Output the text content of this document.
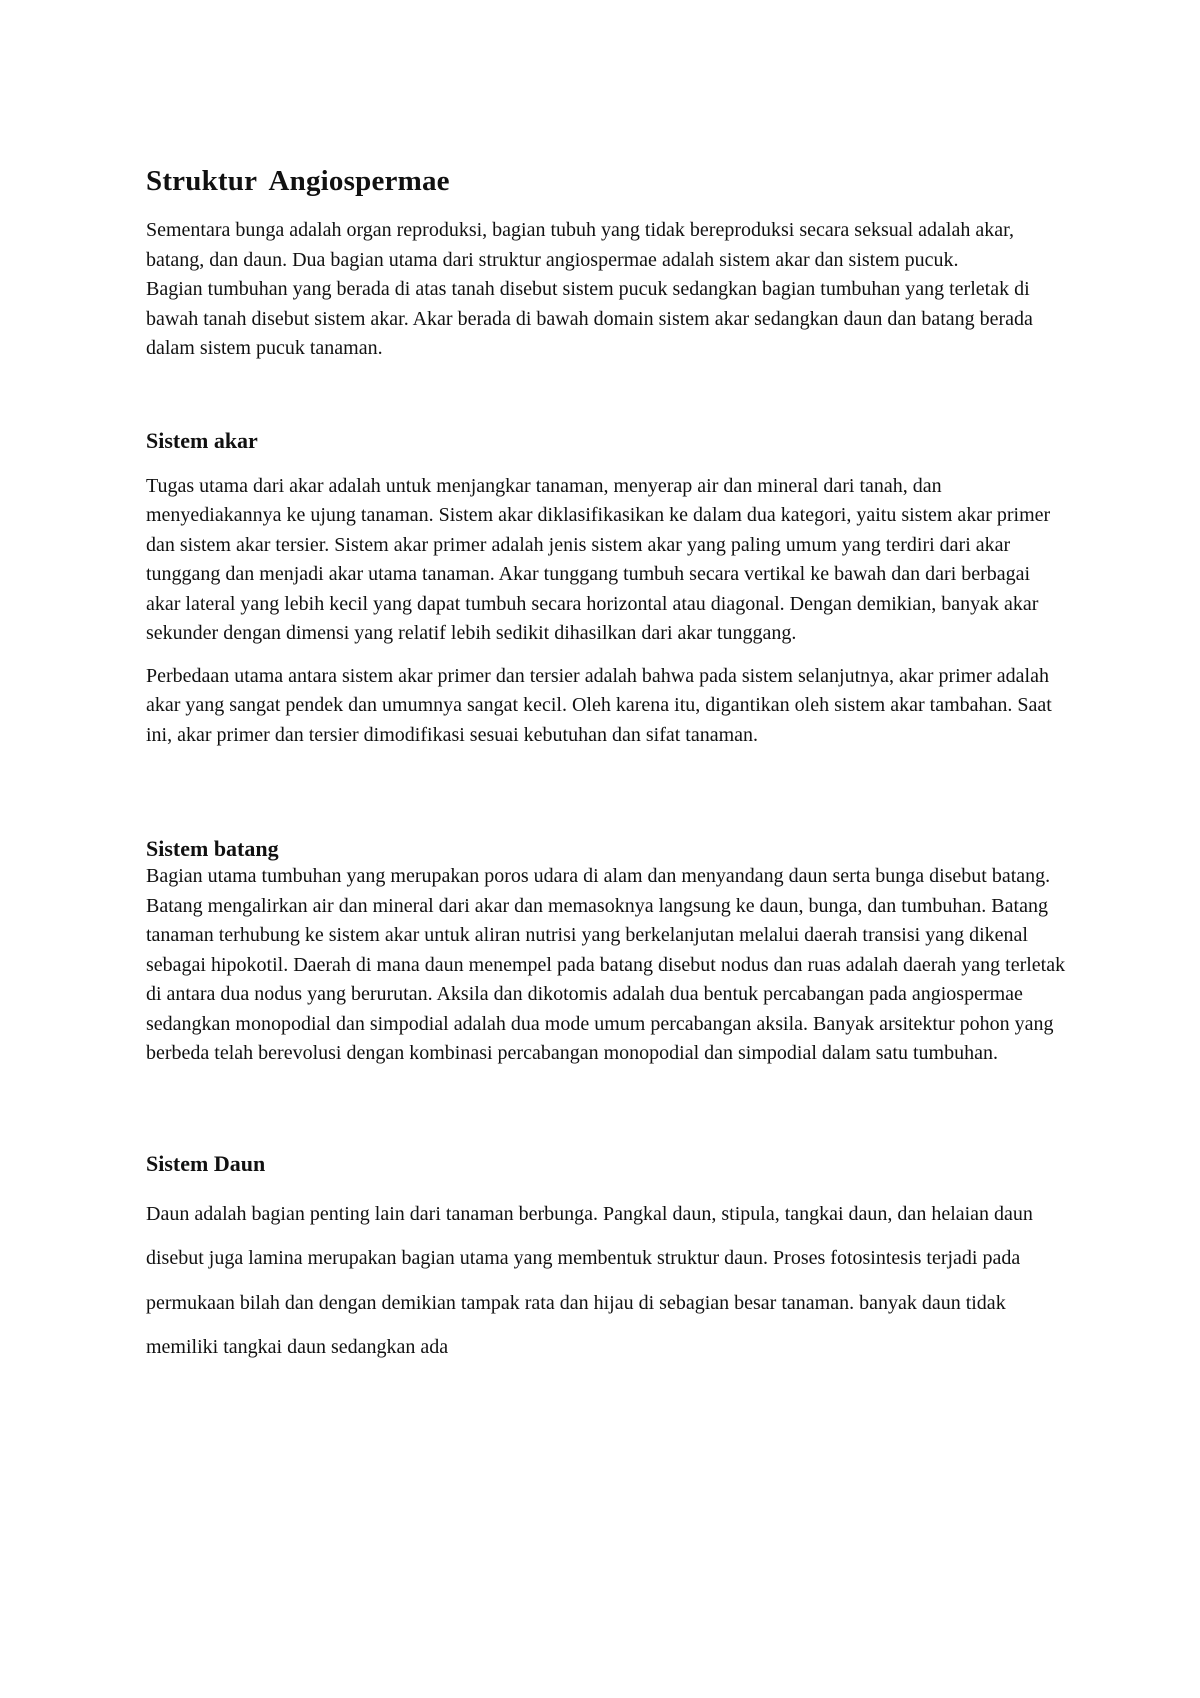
Struktur Angiospermae

Sementara bunga adalah organ reproduksi, bagian tubuh yang tidak bereproduksi secara seksual adalah akar, batang, dan daun. Dua bagian utama dari struktur angiospermae adalah sistem akar dan sistem pucuk.

Bagian tumbuhan yang berada di atas tanah disebut sistem pucuk sedangkan bagian tumbuhan yang terletak di bawah tanah disebut sistem akar. Akar berada di bawah domain sistem akar sedangkan daun dan batang berada dalam sistem pucuk tanaman.

Sistem akar

Tugas utama dari akar adalah untuk menjangkar tanaman, menyerap air dan mineral dari tanah, dan menyediakannya ke ujung tanaman. Sistem akar diklasifikasikan ke dalam dua kategori, yaitu sistem akar primer dan sistem akar tersier. Sistem akar primer adalah jenis sistem akar yang paling umum yang terdiri dari akar tunggang dan menjadi akar utama tanaman. Akar tunggang tumbuh secara vertikal ke bawah dan dari berbagai akar lateral yang lebih kecil yang dapat tumbuh secara horizontal atau diagonal. Dengan demikian, banyak akar sekunder dengan dimensi yang relatif lebih sedikit dihasilkan dari akar tunggang.

Perbedaan utama antara sistem akar primer dan tersier adalah bahwa pada sistem selanjutnya, akar primer adalah akar yang sangat pendek dan umumnya sangat kecil. Oleh karena itu, digantikan oleh sistem akar tambahan. Saat ini, akar primer dan tersier dimodifikasi sesuai kebutuhan dan sifat tanaman.

Sistem batang

Bagian utama tumbuhan yang merupakan poros udara di alam dan menyandang daun serta bunga disebut batang. Batang mengalirkan air dan mineral dari akar dan memasoknya langsung ke daun, bunga, dan tumbuhan. Batang tanaman terhubung ke sistem akar untuk aliran nutrisi yang berkelanjutan melalui daerah transisi yang dikenal sebagai hipokotil. Daerah di mana daun menempel pada batang disebut nodus dan ruas adalah daerah yang terletak di antara dua nodus yang berurutan. Aksila dan dikotomis adalah dua bentuk percabangan pada angiospermae sedangkan monopodial dan simpodial adalah dua mode umum percabangan aksila. Banyak arsitektur pohon yang berbeda telah berevolusi dengan kombinasi percabangan monopodial dan simpodial dalam satu tumbuhan.

Sistem Daun

Daun adalah bagian penting lain dari tanaman berbunga. Pangkal daun, stipula, tangkai daun, dan helaian daun disebut juga lamina merupakan bagian utama yang membentuk struktur daun. Proses fotosintesis terjadi pada permukaan bilah dan dengan demikian tampak rata dan hijau di sebagian besar tanaman. banyak daun tidak memiliki tangkai daun sedangkan ada
